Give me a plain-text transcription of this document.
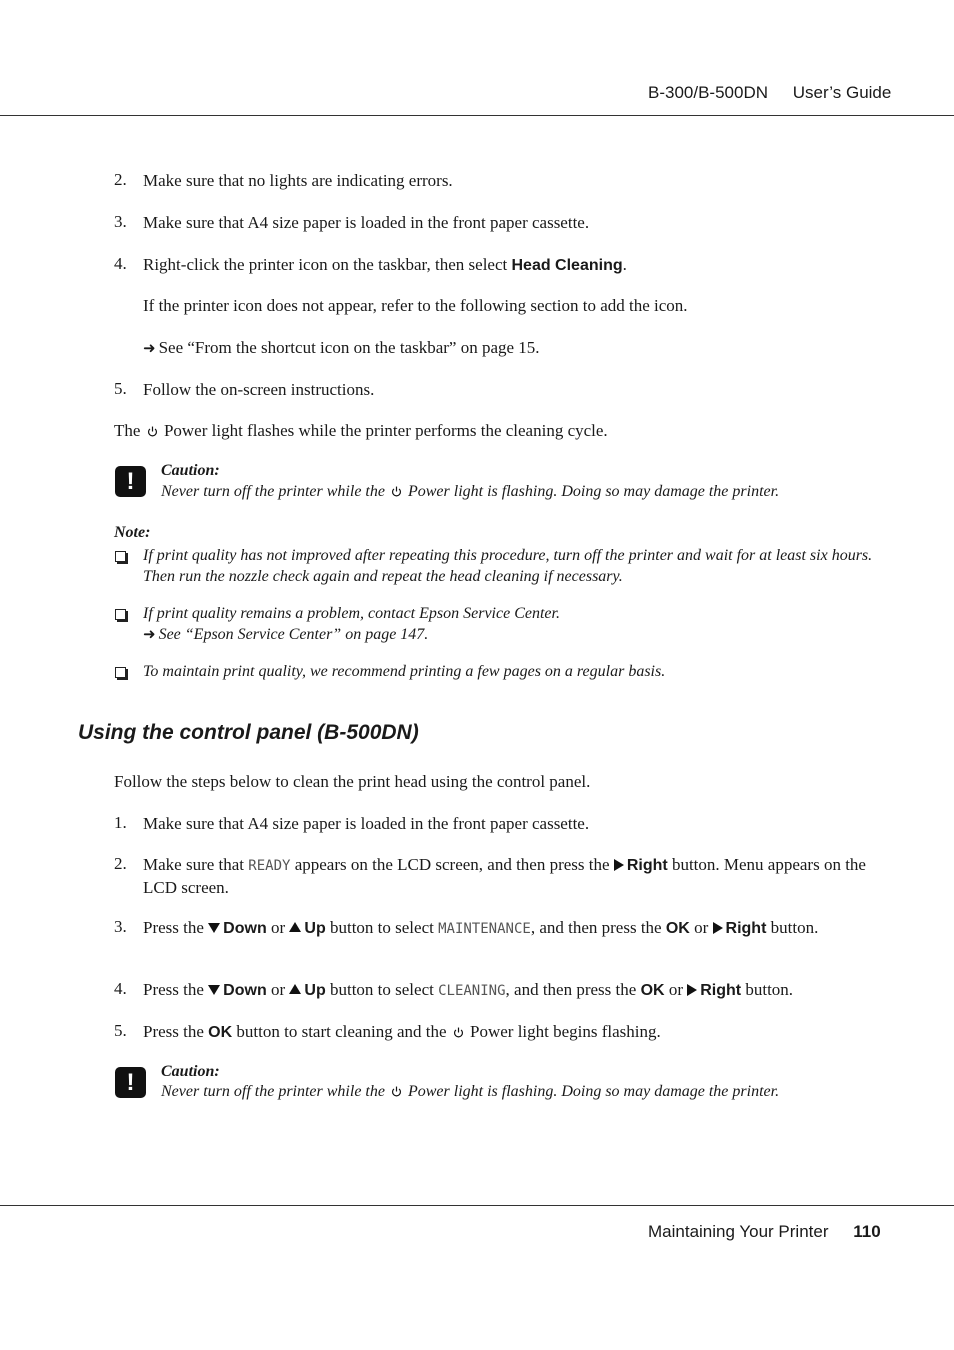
B-300/B-500DN User’s Guide
2. Make sure that no lights are indicating errors.
3. Make sure that A4 size paper is loaded in the front paper cassette.
4. Right-click the printer icon on the taskbar, then select Head Cleaning.
If the printer icon does not appear, refer to the following section to add the icon.
➜ See “From the shortcut icon on the taskbar” on page 15.
5. Follow the on-screen instructions.
The  Power light flashes while the printer performs the cleaning cycle.
!	Caution:
Never turn off the printer while the  Power light is flashing. Doing so may damage the printer.
Note:
If print quality has not improved after repeating this procedure, turn off the printer and wait for at least six hours. Then run the nozzle check again and repeat the head cleaning if necessary.
If print quality remains a problem, contact Epson Service Center.
➜ See “Epson Service Center” on page 147.
To maintain print quality, we recommend printing a few pages on a regular basis.
Using the control panel (B-500DN)
Follow the steps below to clean the print head using the control panel.
1. Make sure that A4 size paper is loaded in the front paper cassette.
2. Make sure that READY appears on the LCD screen, and then press the Right button. Menu appears on the LCD screen.
3. Press the Down or Up button to select MAINTENANCE, and then press the OK or Right button.
4. Press the Down or Up button to select CLEANING, and then press the OK or Right button.
5. Press the OK button to start cleaning and the  Power light begins flashing.
!	Caution:
Never turn off the printer while the  Power light is flashing. Doing so may damage the printer.
Maintaining Your Printer 110
